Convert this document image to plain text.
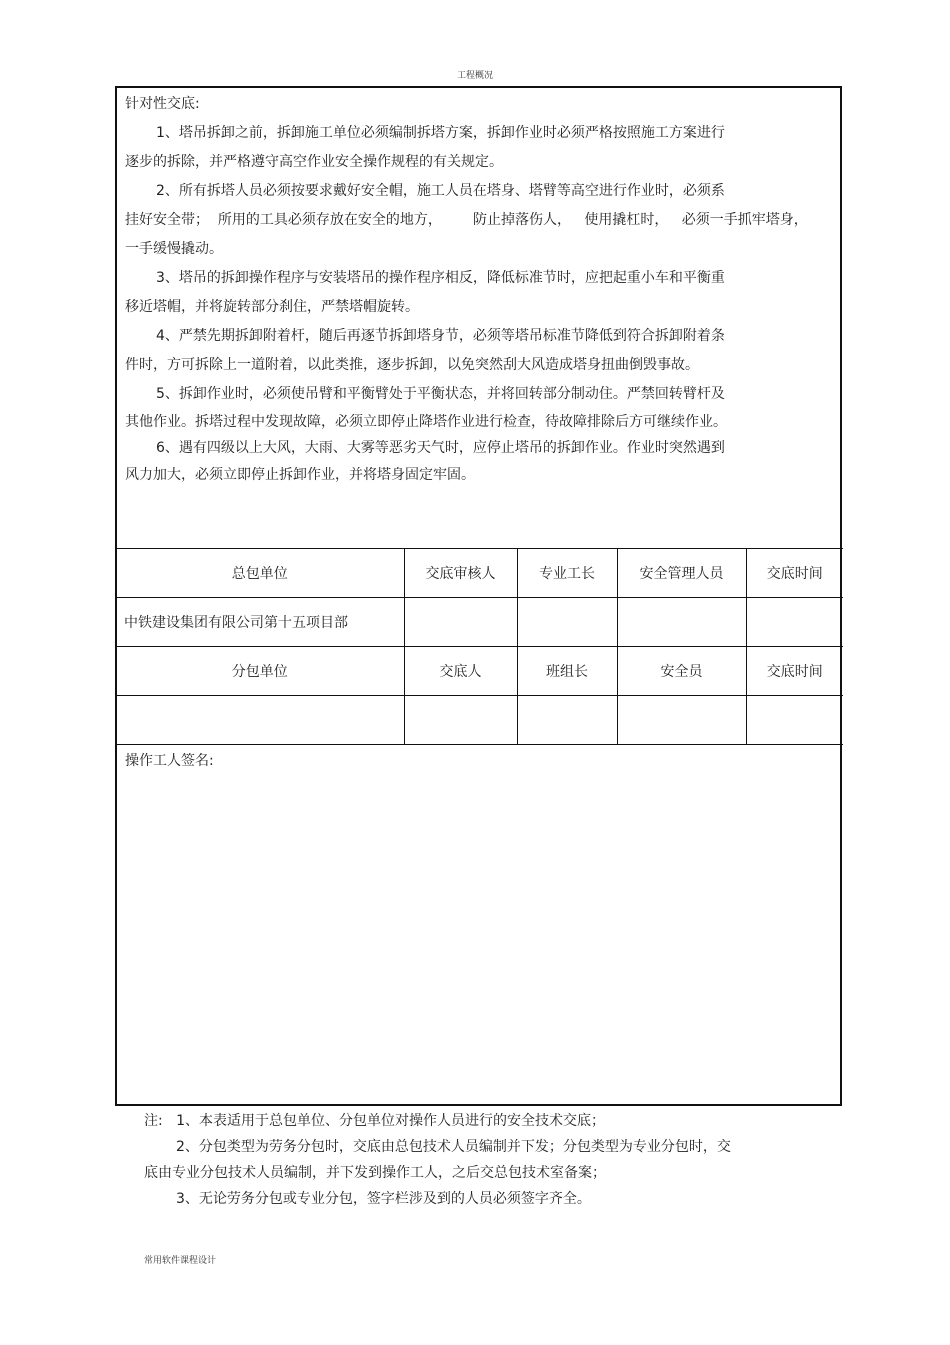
工程概况

针对性交底:

1、塔吊拆卸之前，拆卸施工单位必须编制拆塔方案，拆卸作业时必须严格按照施工方案进行

逐步的拆除，并严格遵守高空作业安全操作规程的有关规定。

2、所有拆塔人员必须按要求戴好安全帽，施工人员在塔身、塔臂等高空进行作业时，必须系

挂好安全带；  所用的工具必须存放在安全的地方，       防止掉落伤人，   使用撬杠时，   必须一手抓牢塔身，

一手缓慢撬动。

3、塔吊的拆卸操作程序与安装塔吊的操作程序相反，降低标准节时，应把起重小车和平衡重

移近塔帽，并将旋转部分刹住，严禁塔帽旋转。

4、严禁先期拆卸附着杆，随后再逐节拆卸塔身节，必须等塔吊标准节降低到符合拆卸附着条

件时，方可拆除上一道附着，以此类推，逐步拆卸，以免突然刮大风造成塔身扭曲倒毁事故。

5、拆卸作业时，必须使吊臂和平衡臂处于平衡状态，并将回转部分制动住。严禁回转臂杆及

其他作业。拆塔过程中发现故障，必须立即停止降塔作业进行检查，待故障排除后方可继续作业。

6、遇有四级以上大风，大雨、大雾等恶劣天气时，应停止塔吊的拆卸作业。作业时突然遇到

风力加大，必须立即停止拆卸作业，并将塔身固定牢固。

总包单位	交底审核人	专业工长	安全管理人员	交底时间
中铁建设集团有限公司第十五项目部				
分包单位	交底人	班组长	安全员	交底时间

操作工人签名:

注:   1、本表适用于总包单位、分包单位对操作人员进行的安全技术交底；

2、分包类型为劳务分包时，交底由总包技术人员编制并下发；分包类型为专业分包时，交

底由专业分包技术人员编制，并下发到操作工人，之后交总包技术室备案；

3、无论劳务分包或专业分包，签字栏涉及到的人员必须签字齐全。

常用软件课程设计
